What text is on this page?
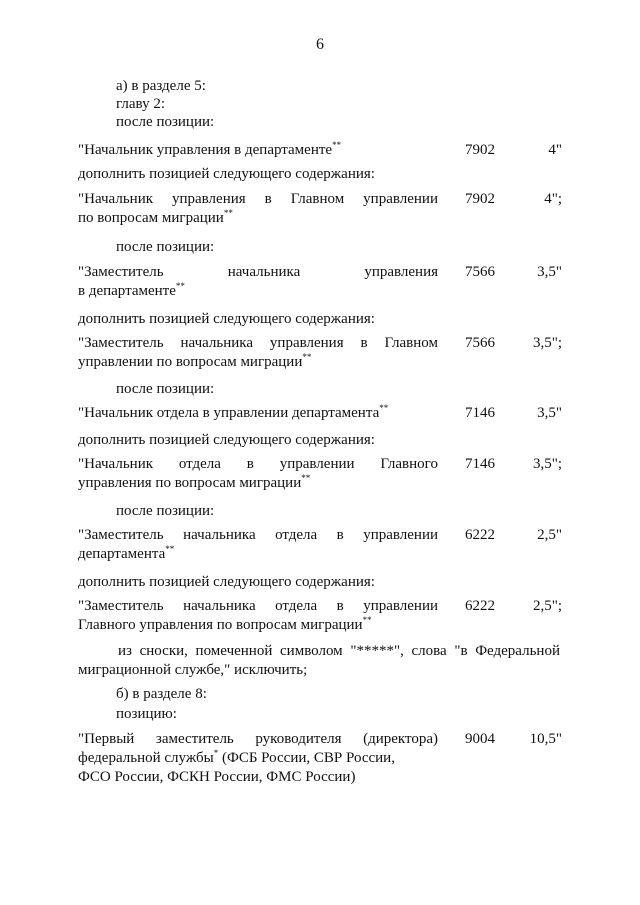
6
а) в разделе 5:
главу 2:
после позиции:
"Начальник управления в департаменте**	7902	4"
дополнить позицией следующего содержания:
"Начальник управления в Главном управлении
по вопросам миграции**
7902	4";
после позиции:
"Заместитель	начальника	управления
в департаменте**
7566	3,5"
дополнить позицией следующего содержания:
"Заместитель начальника управления в Главном
управлении по вопросам миграции**
7566	3,5";
после позиции:
"Начальник отдела в управлении департамента**	7146	3,5"
дополнить позицией следующего содержания:
"Начальник отдела в управлении Главного
управления по вопросам миграции**
7146	3,5";
после позиции:
"Заместитель начальника отдела в управлении
департамента**
6222	2,5"
дополнить позицией следующего содержания:
"Заместитель начальника отдела в управлении
Главного управления по вопросам миграции**
6222	2,5";
из сноски, помеченной символом "*****", слова "в Федеральной
миграционной службе," исключить;
б) в разделе 8:
позицию:
"Первый заместитель руководителя (директора)
федеральной службы* (ФСБ России, СВР России,
ФСО России, ФСКН России, ФМС России)
9004	10,5"
